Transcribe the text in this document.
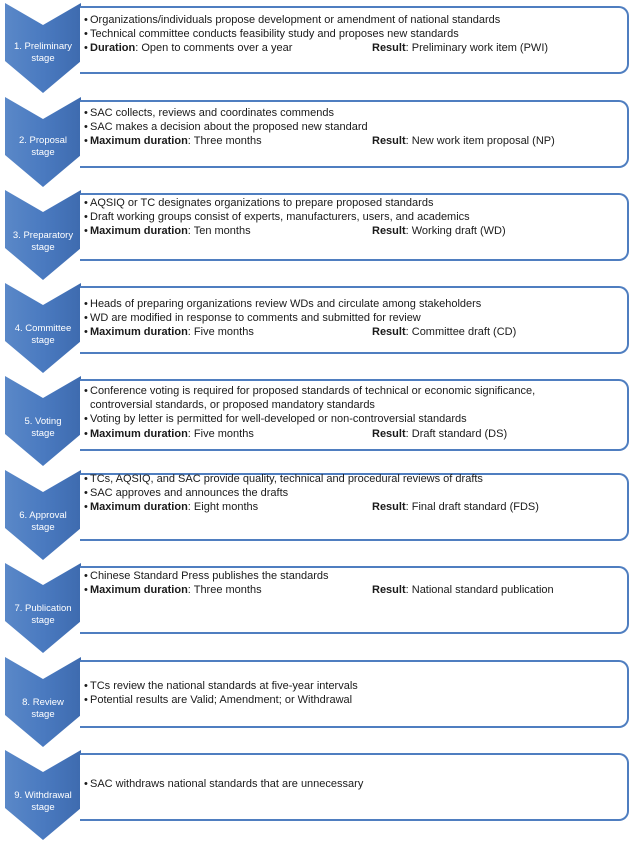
1. Preliminary
stage
• Organizations/individuals propose development or amendment of national standards
• Technical committee conducts feasibility study and proposes new standards
• Duration: Open to comments over a year	Result: Preliminary work item (PWI)
2. Proposal
stage
• SAC collects, reviews and coordinates commends
• SAC makes a decision about the proposed new standard
• Maximum duration: Three months	Result: New work item proposal (NP)
3. Preparatory
stage
• AQSIQ or TC designates organizations to prepare proposed standards
• Draft working groups consist of experts, manufacturers, users, and academics
• Maximum duration: Ten months	Result: Working draft (WD)
4. Committee
stage
• Heads of preparing organizations review WDs and circulate among stakeholders
• WD are modified in response to comments and submitted for review
• Maximum duration: Five months	Result: Committee draft (CD)
5. Voting
stage
• Conference voting is required for proposed standards of technical or economic significance,
controversial standards, or proposed mandatory standards
• Voting by letter is permitted for well-developed or non-controversial standards
• Maximum duration: Five months	Result: Draft standard (DS)
6. Approval
stage
• TCs, AQSIQ, and SAC provide quality, technical and procedural reviews of drafts
• SAC approves and announces the drafts
• Maximum duration: Eight months	Result: Final draft standard (FDS)
7. Publication
stage
• Chinese Standard Press publishes the standards
• Maximum duration: Three months	Result: National standard publication
8. Review
stage
• TCs review the national standards at five-year intervals
• Potential results are Valid; Amendment; or Withdrawal
9. Withdrawal
stage
• SAC withdraws national standards that are unnecessary
